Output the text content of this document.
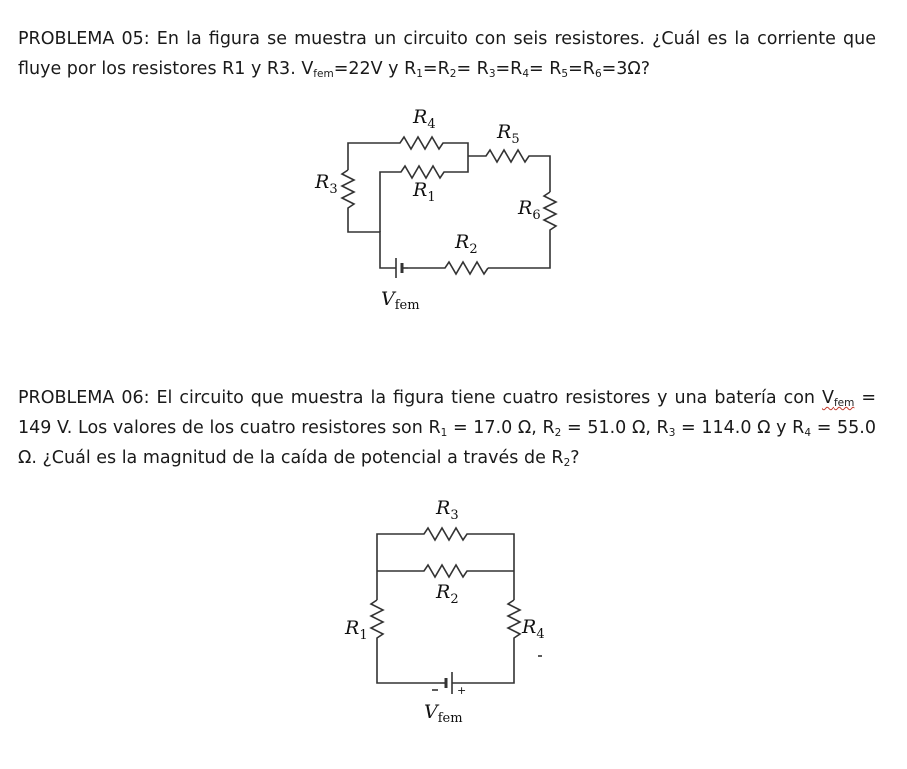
PROBLEMA 05: En la figura se muestra un circuito con seis resistores. ¿Cuál es la corriente que fluye por los resistores R1 y R3. $V_{fem}=22V$ y $R_1=R_2= R_3=R_4= R_5=R_6=3\Omega$?
PROBLEMA 06: El circuito que muestra la figura tiene cuatro resistores y una batería con $V_{fem} = 149$ V. Los valores de los cuatro resistores son $R_1 = 17.0$ Ω, $R_2 = 51.0$ Ω, $R_3 = 114.0$ Ω y $R_4 = 55.0$ Ω. ¿Cuál es la magnitud de la caída de potencial a través de $R_2$?
$R_4$	$R_5$
$R_3$	$R_1$	$R_6$
$R_2$
$V_{fem}$
+
$R_3$
$R_2$
$R_1$	$R_4$
$V_{fem}$
